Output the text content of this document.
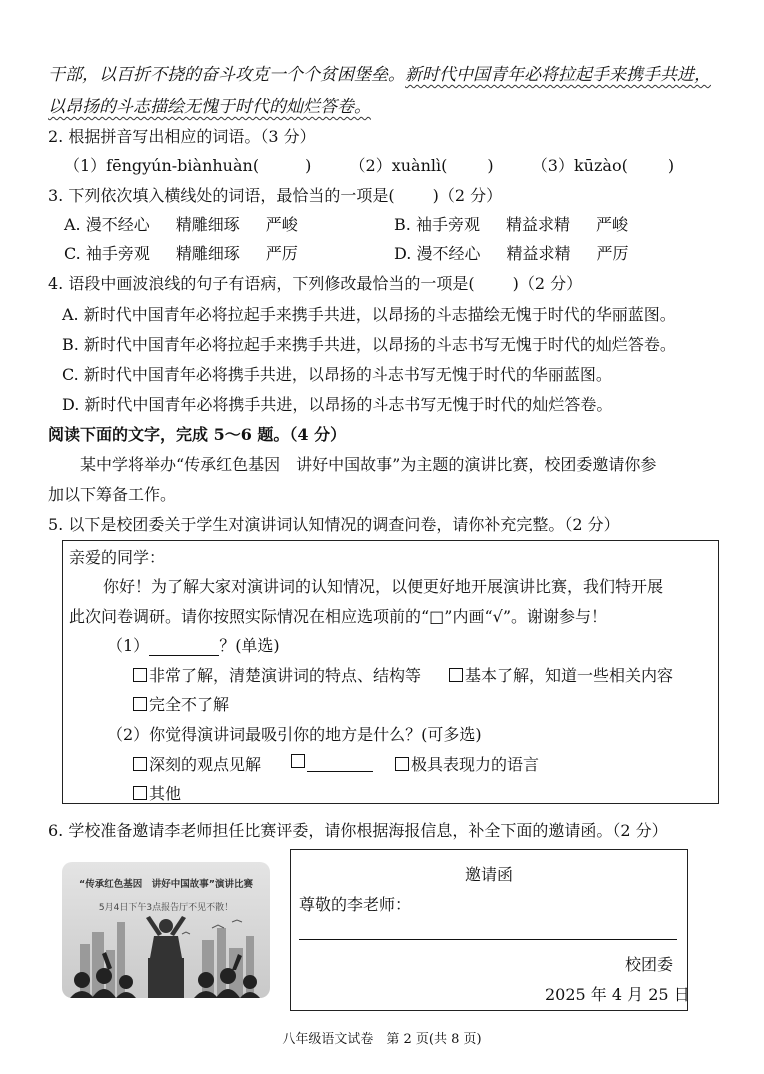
干部，以百折不挠的奋斗攻克一个个贫困堡垒。新时代中国青年必将拉起手来携手共进，
以昂扬的斗志描绘无愧于时代的灿烂答卷。
2. 根据拼音写出相应的词语。（3 分）
（1）fēngyún-biànhuàn(	) （2）xuànlì(	) （3）kūzào(	)
3. 下列依次填入横线处的词语，最恰当的一项是( )（2 分）
A. 漫不经心 精雕细琢 严峻	B. 袖手旁观 精益求精 严峻
C. 袖手旁观 精雕细琢 严厉	D. 漫不经心 精益求精 严厉
4. 语段中画波浪线的句子有语病，下列修改最恰当的一项是( )（2 分）
A. 新时代中国青年必将拉起手来携手共进，以昂扬的斗志描绘无愧于时代的华丽蓝图。
B. 新时代中国青年必将拉起手来携手共进，以昂扬的斗志书写无愧于时代的灿烂答卷。
C. 新时代中国青年必将携手共进，以昂扬的斗志书写无愧于时代的华丽蓝图。
D. 新时代中国青年必将携手共进，以昂扬的斗志书写无愧于时代的灿烂答卷。
阅读下面的文字，完成 5～6 题。（4 分）
某中学将举办“传承红色基因　讲好中国故事”为主题的演讲比赛，校团委邀请你参
加以下筹备工作。
5. 以下是校团委关于学生对演讲词认知情况的调查问卷，请你补充完整。（2 分）
亲爱的同学：
你好！为了解大家对演讲词的认知情况，以便更好地开展演讲比赛，我们特开展
此次问卷调研。请你按照实际情况在相应选项前的“□”内画“√”。谢谢参与！
（1）	？(单选)
非常了解，清楚演讲词的特点、结构等	基本了解，知道一些相关内容
完全不了解
（2）你觉得演讲词最吸引你的地方是什么？(可多选)
深刻的观点见解
	极具表现力的语言
其他
6. 学校准备邀请李老师担任比赛评委，请你根据海报信息，补全下面的邀请函。（2 分）
“传承红色基因　讲好中国故事”演讲比赛
5月4日下午3点报告厅不见不散！
邀请函
尊敬的李老师：
校团委
2025 年 4 月 25 日
八年级语文试卷　第 2 页(共 8 页)
